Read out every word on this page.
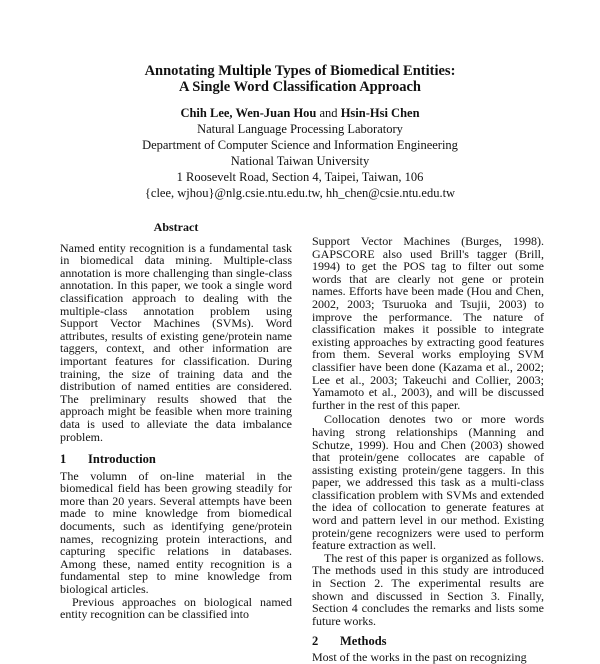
Annotating Multiple Types of Biomedical Entities:
A Single Word Classification Approach
Chih Lee, Wen-Juan Hou and Hsin-Hsi Chen
Natural Language Processing Laboratory
Department of Computer Science and Information Engineering
National Taiwan University
1 Roosevelt Road, Section 4, Taipei, Taiwan, 106
{clee, wjhou}@nlg.csie.ntu.edu.tw, hh_chen@csie.ntu.edu.tw

Abstract

Named entity recognition is a fundamental task in biomedical data mining. Multiple-class annotation is more challenging than single-class annotation. In this paper, we took a single word classification approach to dealing with the multiple-class annotation problem using Support Vector Machines (SVMs). Word attributes, results of existing gene/protein name taggers, context, and other information are important features for classification. During training, the size of training data and the distribution of named entities are considered. The preliminary results showed that the approach might be feasible when more training data is used to alleviate the data imbalance problem.

1 Introduction

The volumn of on-line material in the biomedical field has been growing steadily for more than 20 years. Several attempts have been made to mine knowledge from biomedical documents, such as identifying gene/protein names, recognizing protein interactions, and capturing specific relations in databases. Among these, named entity recognition is a fundamental step to mine knowledge from biological articles.

Previous approaches on biological named entity recognition can be classified into

Support Vector Machines (Burges, 1998). GAPSCORE also used Brill's tagger (Brill, 1994) to get the POS tag to filter out some words that are clearly not gene or protein names. Efforts have been made (Hou and Chen, 2002, 2003; Tsuruoka and Tsujii, 2003) to improve the performance. The nature of classification makes it possible to integrate existing approaches by extracting good features from them. Several works employing SVM classifier have been done (Kazama et al., 2002; Lee et al., 2003; Takeuchi and Collier, 2003; Yamamoto et al., 2003), and will be discussed further in the rest of this paper.

Collocation denotes two or more words having strong relationships (Manning and Schutze, 1999). Hou and Chen (2003) showed that protein/gene collocates are capable of assisting existing protein/gene taggers. In this paper, we addressed this task as a multi-class classification problem with SVMs and extended the idea of collocation to generate features at word and pattern level in our method. Existing protein/gene recognizers were used to perform feature extraction as well.

The rest of this paper is organized as follows. The methods used in this study are introduced in Section 2. The experimental results are shown and discussed in Section 3. Finally, Section 4 concludes the remarks and lists some future works.

2 Methods

Most of the works in the past on recognizing
